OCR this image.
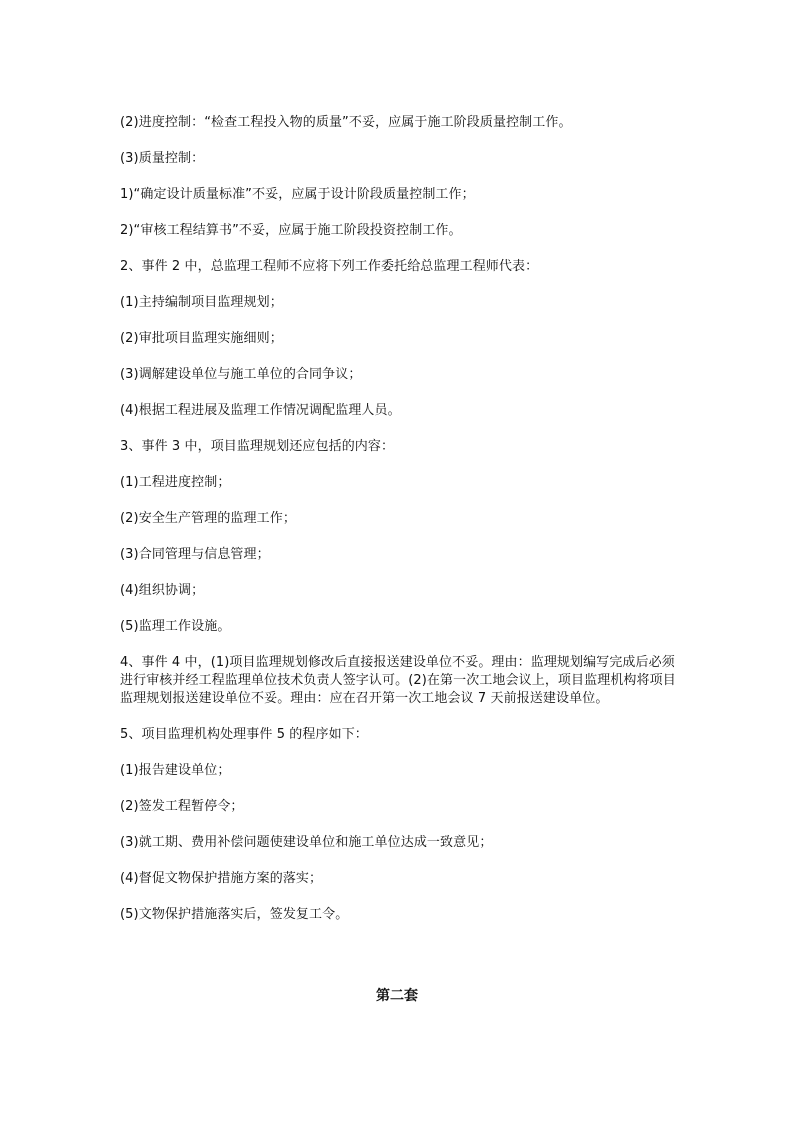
(2)进度控制：“检查工程投入物的质量”不妥，应属于施工阶段质量控制工作。

(3)质量控制：

1)“确定设计质量标准”不妥，应属于设计阶段质量控制工作；

2)“审核工程结算书”不妥，应属于施工阶段投资控制工作。

2、事件 2 中，总监理工程师不应将下列工作委托给总监理工程师代表：

(1)主持编制项目监理规划；

(2)审批项目监理实施细则；

(3)调解建设单位与施工单位的合同争议；

(4)根据工程进展及监理工作情况调配监理人员。

3、事件 3 中，项目监理规划还应包括的内容：

(1)工程进度控制；

(2)安全生产管理的监理工作；

(3)合同管理与信息管理；

(4)组织协调；

(5)监理工作设施。

4、事件 4 中，(1)项目监理规划修改后直接报送建设单位不妥。理由：监理规划编写完成后必须进行审核并经工程监理单位技术负责人签字认可。(2)在第一次工地会议上，项目监理机构将项目监理规划报送建设单位不妥。理由：应在召开第一次工地会议 7 天前报送建设单位。

5、项目监理机构处理事件 5 的程序如下：

(1)报告建设单位；

(2)签发工程暂停令；

(3)就工期、费用补偿问题使建设单位和施工单位达成一致意见；

(4)督促文物保护措施方案的落实；

(5)文物保护措施落实后，签发复工令。

第二套
